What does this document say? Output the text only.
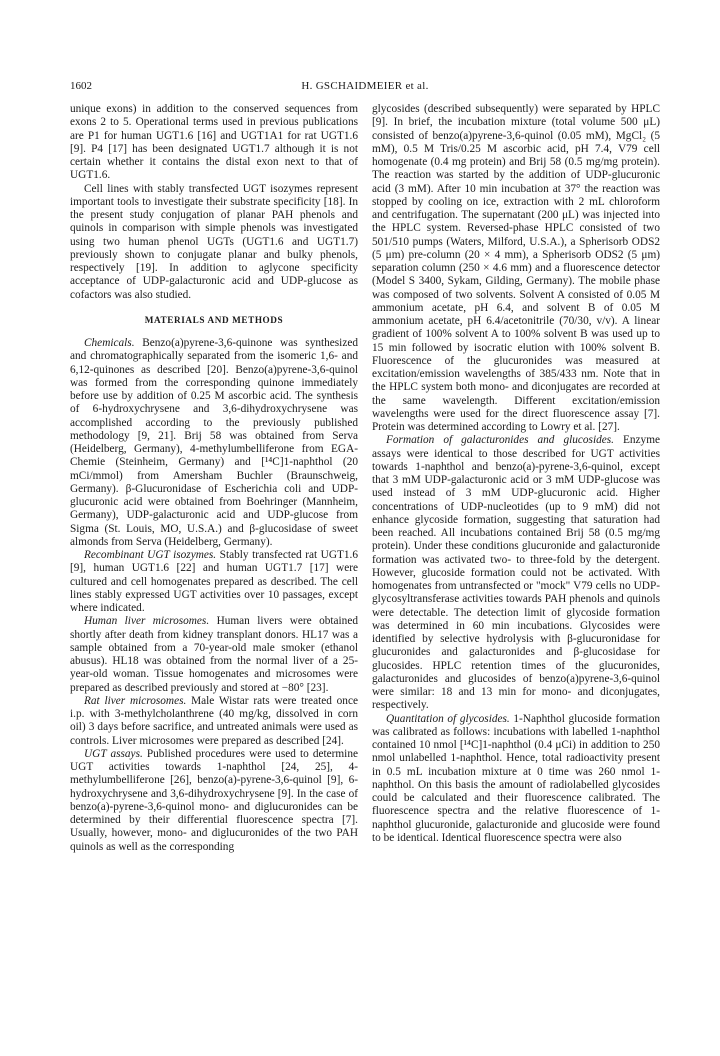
1602	H. GSCHAIDMEIER et al.

unique exons) in addition to the conserved sequences from exons 2 to 5. Operational terms used in previous publications are P1 for human UGT1.6 [16] and UGT1A1 for rat UGT1.6 [9]. P4 [17] has been designated UGT1.7 although it is not certain whether it contains the distal exon next to that of UGT1.6.

Cell lines with stably transfected UGT isozymes represent important tools to investigate their substrate specificity [18]. In the present study conjugation of planar PAH phenols and quinols in comparison with simple phenols was investigated using two human phenol UGTs (UGT1.6 and UGT1.7) previously shown to conjugate planar and bulky phenols, respectively [19]. In addition to aglycone specificity acceptance of UDP-galacturonic acid and UDP-glucose as cofactors was also studied.

MATERIALS AND METHODS

Chemicals. Benzo(a)pyrene-3,6-quinone was synthesized and chromatographically separated from the isomeric 1,6- and 6,12-quinones as described [20]. Benzo(a)pyrene-3,6-quinol was formed from the corresponding quinone immediately before use by addition of 0.25 M ascorbic acid. The synthesis of 6-hydroxychrysene and 3,6-dihydroxychrysene was accomplished according to the previously published methodology [9, 21]. Brij 58 was obtained from Serva (Heidelberg, Germany), 4-methylumbelliferone from EGA-Chemie (Steinheim, Germany) and [¹⁴C]1-naphthol (20 mCi/mmol) from Amersham Buchler (Braunschweig, Germany). β-Glucuronidase of Escherichia coli and UDP-glucuronic acid were obtained from Boehringer (Mannheim, Germany), UDP-galacturonic acid and UDP-glucose from Sigma (St. Louis, MO, U.S.A.) and β-glucosidase of sweet almonds from Serva (Heidelberg, Germany).

Recombinant UGT isozymes. Stably transfected rat UGT1.6 [9], human UGT1.6 [22] and human UGT1.7 [17] were cultured and cell homogenates prepared as described. The cell lines stably expressed UGT activities over 10 passages, except where indicated.

Human liver microsomes. Human livers were obtained shortly after death from kidney transplant donors. HL17 was a sample obtained from a 70-year-old male smoker (ethanol abusus). HL18 was obtained from the normal liver of a 25-year-old woman. Tissue homogenates and microsomes were prepared as described previously and stored at −80° [23].

Rat liver microsomes. Male Wistar rats were treated once i.p. with 3-methylcholanthrene (40 mg/kg, dissolved in corn oil) 3 days before sacrifice, and untreated animals were used as controls. Liver microsomes were prepared as described [24].

UGT assays. Published procedures were used to determine UGT activities towards 1-naphthol [24, 25], 4-methylumbelliferone [26], benzo(a)-pyrene-3,6-quinol [9], 6-hydroxychrysene and 3,6-dihydroxychrysene [9]. In the case of benzo(a)-pyrene-3,6-quinol mono- and diglucuronides can be determined by their differential fluorescence spectra [7]. Usually, however, mono- and diglucuronides of the two PAH quinols as well as the corresponding

glycosides (described subsequently) were separated by HPLC [9]. In brief, the incubation mixture (total volume 500 μL) consisted of benzo(a)pyrene-3,6-quinol (0.05 mM), MgCl₂ (5 mM), 0.5 M Tris/0.25 M ascorbic acid, pH 7.4, V79 cell homogenate (0.4 mg protein) and Brij 58 (0.5 mg/mg protein). The reaction was started by the addition of UDP-glucuronic acid (3 mM). After 10 min incubation at 37° the reaction was stopped by cooling on ice, extraction with 2 mL chloroform and centrifugation. The supernatant (200 μL) was injected into the HPLC system. Reversed-phase HPLC consisted of two 501/510 pumps (Waters, Milford, U.S.A.), a Spherisorb ODS2 (5 μm) pre-column (20 × 4 mm), a Spherisorb ODS2 (5 μm) separation column (250 × 4.6 mm) and a fluorescence detector (Model S 3400, Sykam, Gilding, Germany). The mobile phase was composed of two solvents. Solvent A consisted of 0.05 M ammonium acetate, pH 6.4, and solvent B of 0.05 M ammonium acetate, pH 6.4/acetonitrile (70/30, v/v). A linear gradient of 100% solvent A to 100% solvent B was used up to 15 min followed by isocratic elution with 100% solvent B. Fluorescence of the glucuronides was measured at excitation/emission wavelengths of 385/433 nm. Note that in the HPLC system both mono- and diconjugates are recorded at the same wavelength. Different excitation/emission wavelengths were used for the direct fluorescence assay [7]. Protein was determined according to Lowry et al. [27].

Formation of galacturonides and glucosides. Enzyme assays were identical to those described for UGT activities towards 1-naphthol and benzo(a)-pyrene-3,6-quinol, except that 3 mM UDP-galacturonic acid or 3 mM UDP-glucose was used instead of 3 mM UDP-glucuronic acid. Higher concentrations of UDP-nucleotides (up to 9 mM) did not enhance glycoside formation, suggesting that saturation had been reached. All incubations contained Brij 58 (0.5 mg/mg protein). Under these conditions glucuronide and galacturonide formation was activated two- to three-fold by the detergent. However, glucoside formation could not be activated. With homogenates from untransfected or "mock" V79 cells no UDP-glycosyltransferase activities towards PAH phenols and quinols were detectable. The detection limit of glycoside formation was determined in 60 min incubations. Glycosides were identified by selective hydrolysis with β-glucuronidase for glucuronides and galacturonides and β-glucosidase for glucosides. HPLC retention times of the glucuronides, galacturonides and glucosides of benzo(a)pyrene-3,6-quinol were similar: 18 and 13 min for mono- and diconjugates, respectively.

Quantitation of glycosides. 1-Naphthol glucoside formation was calibrated as follows: incubations with labelled 1-naphthol contained 10 nmol [¹⁴C]1-naphthol (0.4 μCi) in addition to 250 nmol unlabelled 1-naphthol. Hence, total radioactivity present in 0.5 mL incubation mixture at 0 time was 260 nmol 1-naphthol. On this basis the amount of radiolabelled glycosides could be calculated and their fluorescence calibrated. The fluorescence spectra and the relative fluorescence of 1-naphthol glucuronide, galacturonide and glucoside were found to be identical. Identical fluorescence spectra were also
